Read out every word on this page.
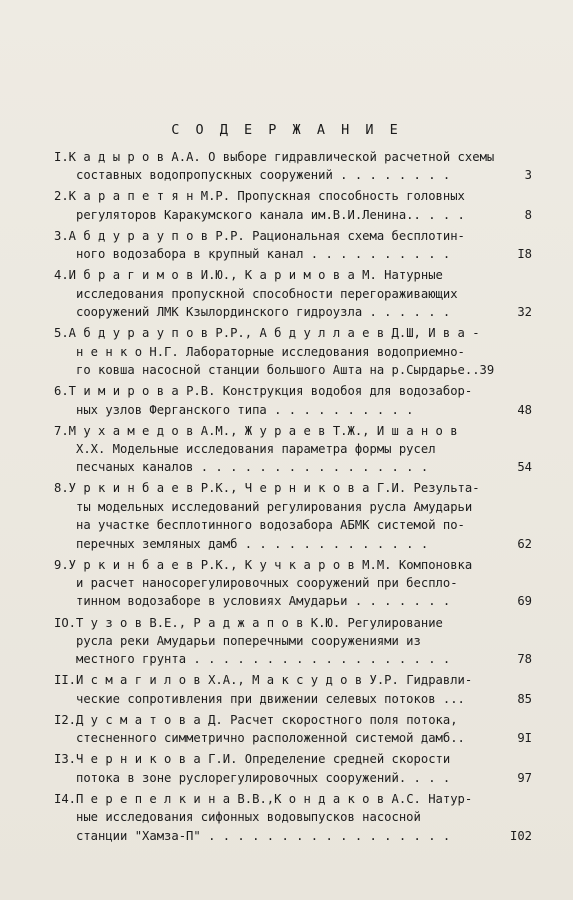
С О Д Е Р Ж А Н И Е
I.К а д ы р о в А.А. О выборе гидравлической расчетной схемы
составных водопропускных сооружений . . . . . . . .	3
2.К а р а п е т я н М.Р. Пропускная способность головных
регуляторов Каракумского канала им.В.И.Ленина.. . . .	8
3.А б д у р а у п о в Р.Р. Рациональная схема бесплотин-
ного водозабора в крупный канал . . . . . . . . . .	I8
4.И б р а г и м о в И.Ю., К а р и м о в а М. Натурные
исследования пропускной способности перегораживающих
сооружений ЛМК Кзылординского гидроузла . . . . . .	32
5.А б д у р а у п о в Р.Р., А б д у л л а е в Д.Ш, И в а -
н е н к о Н.Г. Лабораторные исследования водоприемно-
го ковша насосной станции большого Ашта на р.Сырдарье..39
6.Т и м и р о в а Р.В. Конструкция водобоя для водозабор-
ных узлов Ферганского типа . . . . . . . . . .	48
7.М у х а м е д о в А.М., Ж у р а е в Т.Ж., И ш а н о в
Х.Х. Модельные исследования параметра формы русел
песчаных каналов . . . . . . . . . . . . . . . .	54
8.У р к и н б а е в Р.К., Ч е р н и к о в а Г.И. Результа-
ты модельных исследований регулирования русла Амударьи
на участке бесплотинного водозабора АБМК системой по-
перечных земляных дамб . . . . . . . . . . . . .	62
9.У р к и н б а е в Р.К., К у ч к а р о в М.М. Компоновка
и расчет наносорегулировочных сооружений при бесплo-
тинном водозаборе в условиях Амударьи . . . . . . .	69
IO.Т у з о в В.Е., Р а д ж а п о в К.Ю. Регулирование
русла реки Амударьи поперечными сооружениями из
местного грунта . . . . . . . . . . . . . . . . . .	78
II.И с м а г и л о в Х.А., М а к с у д о в У.Р. Гидравли-
ческие сопротивления при движении селевых потоков ...	85
I2.Д у с м а т о в а Д. Расчет скоростного поля потока,
стесненного симметрично расположенной системой дамб..	9I
I3.Ч е р н и к о в а Г.И. Определение средней скорости
потока в зоне руслорегулировочных сооружений. . . .	97
I4.П е р е п е л к и н а В.В.,К о н д а к о в А.С. Натур-
ные исследования сифонных водовыпусков насосной
станции "Хамза-П" . . . . . . . . . . . . . . . . .	I02
